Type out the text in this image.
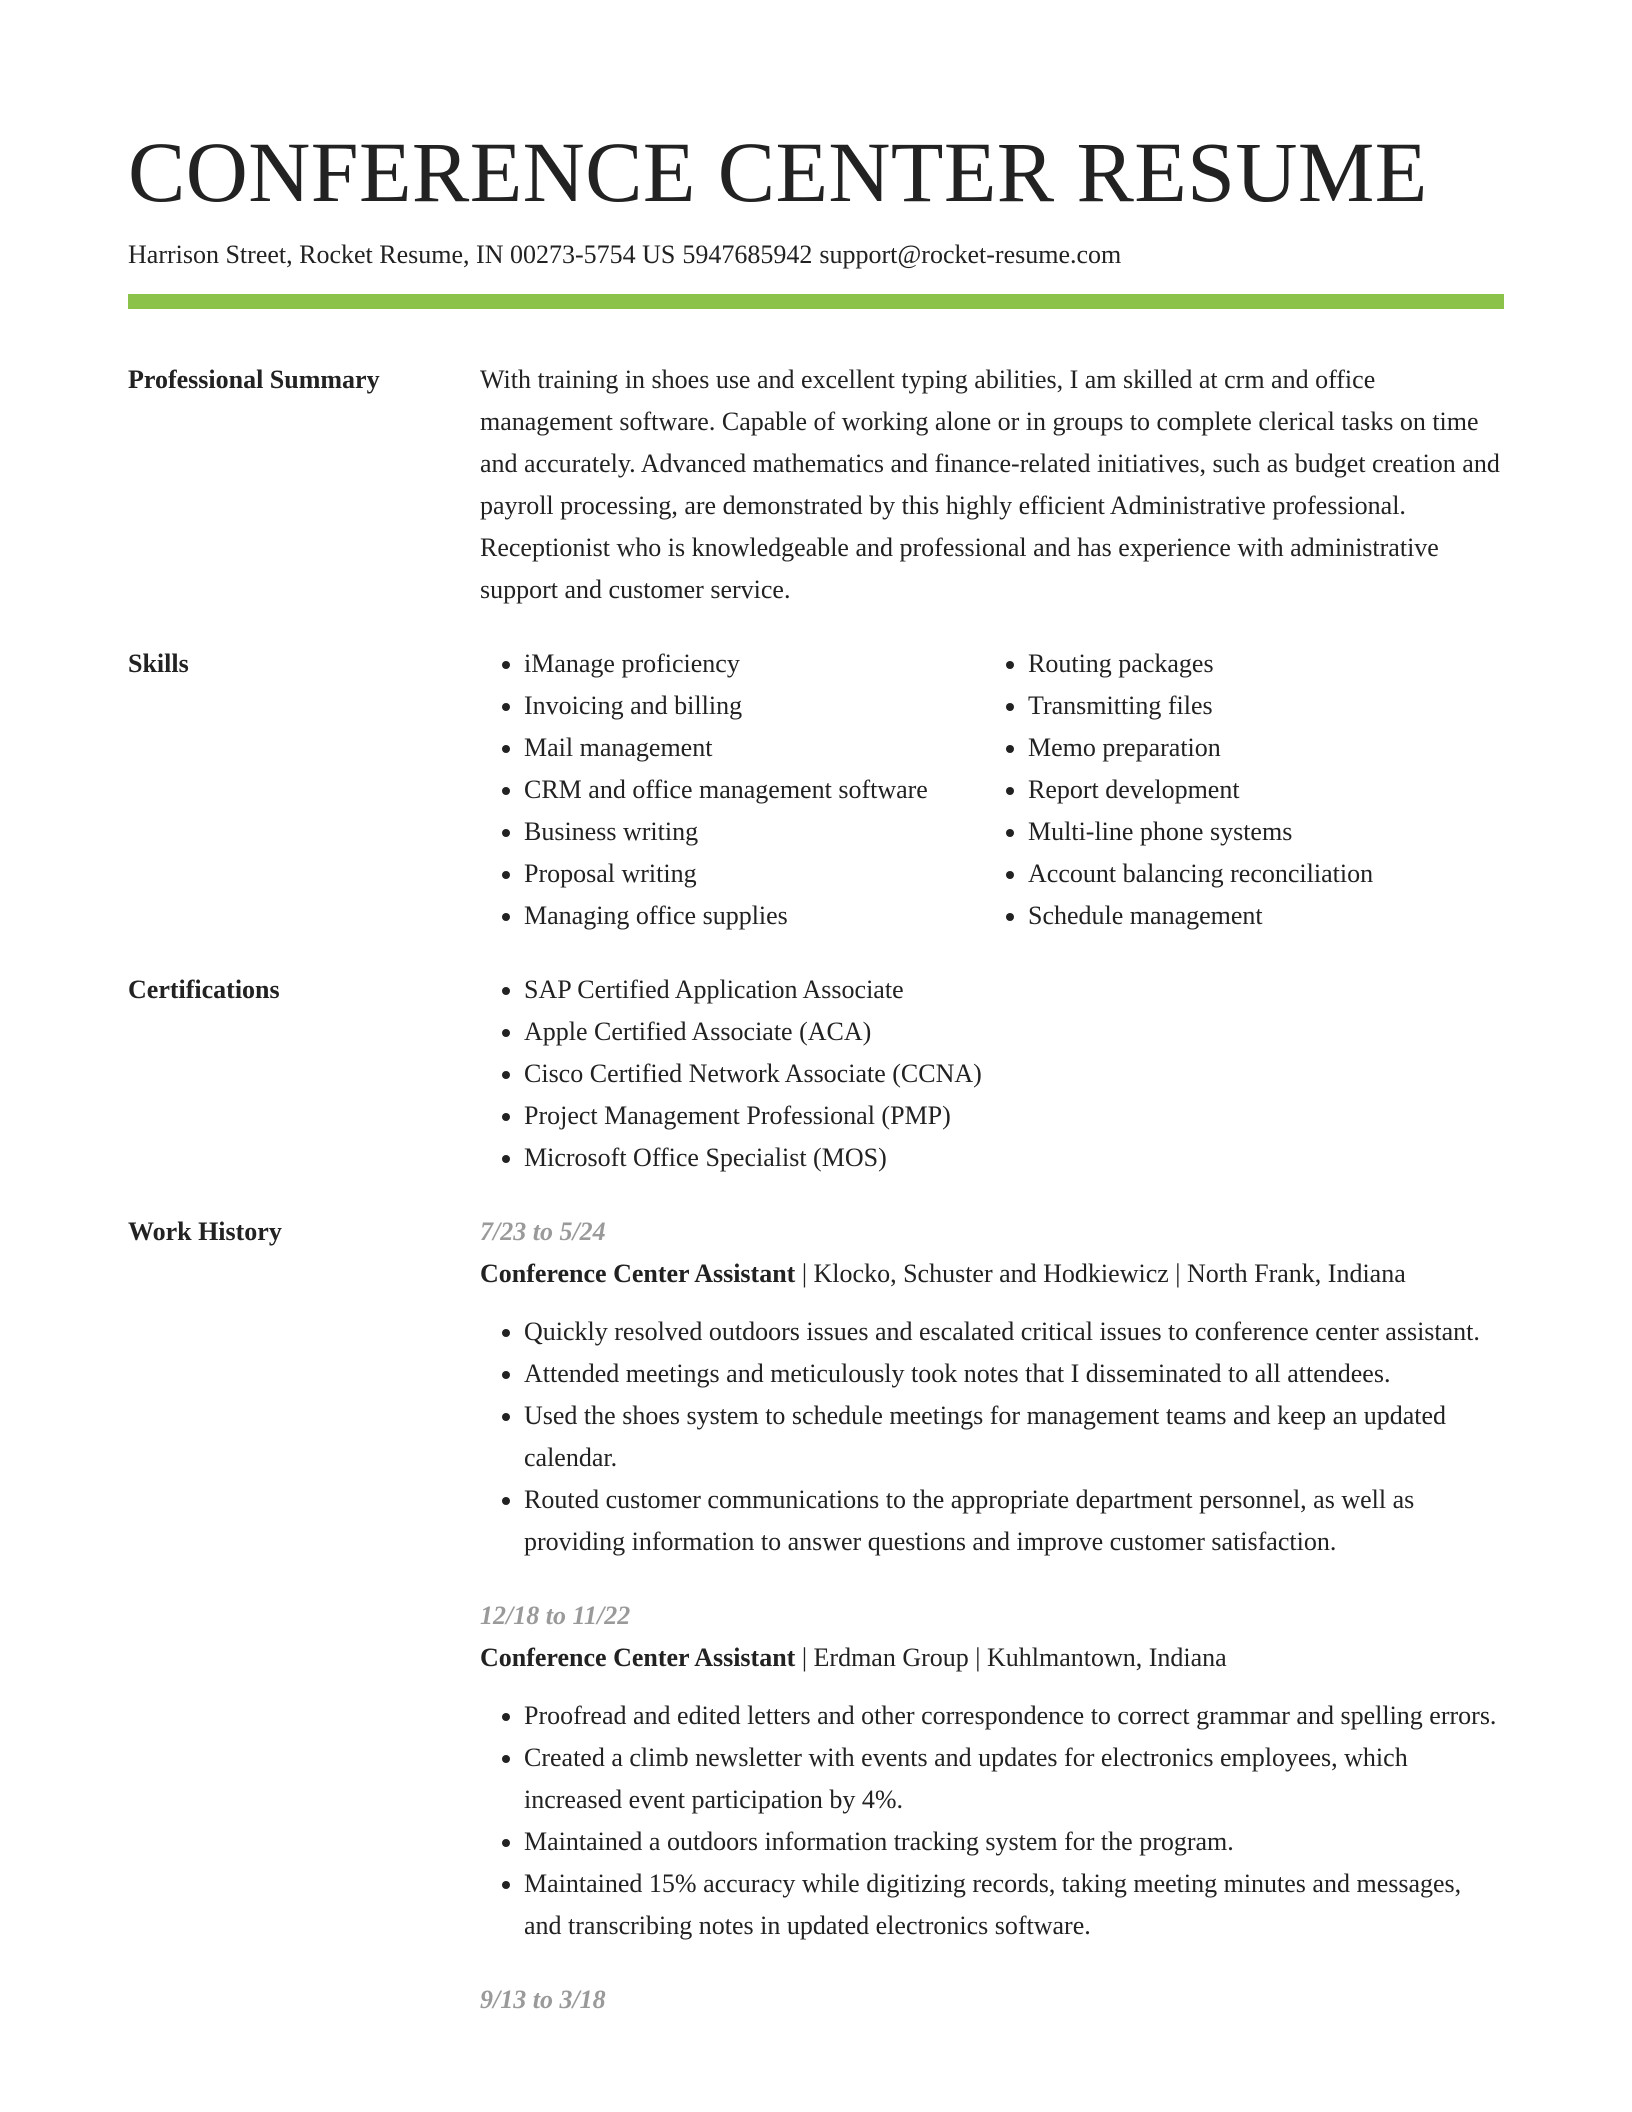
CONFERENCE CENTER RESUME
Harrison Street, Rocket Resume, IN 00273-5754 US 5947685942 support@rocket-resume.com
Professional Summary	With training in shoes use and excellent typing abilities, I am skilled at crm and office management software. Capable of working alone or in groups to complete clerical tasks on time and accurately. Advanced mathematics and finance-related initiatives, such as budget creation and payroll processing, are demonstrated by this highly efficient Administrative professional. Receptionist who is knowledgeable and professional and has experience with administrative support and customer service.

Skills	• iManage proficiency
• Invoicing and billing
• Mail management
• CRM and office management software
• Business writing
• Proposal writing
• Managing office supplies
• Routing packages
• Transmitting files
• Memo preparation
• Report development
• Multi-line phone systems
• Account balancing reconciliation
• Schedule management
Certifications	• SAP Certified Application Associate
• Apple Certified Associate (ACA)
• Cisco Certified Network Associate (CCNA)
• Project Management Professional (PMP)
• Microsoft Office Specialist (MOS)
Work History	7/23 to 5/24
Conference Center Assistant | Klocko, Schuster and Hodkiewicz | North Frank, Indiana
• Quickly resolved outdoors issues and escalated critical issues to conference center assistant.
• Attended meetings and meticulously took notes that I disseminated to all attendees.
• Used the shoes system to schedule meetings for management teams and keep an updated calendar.
• Routed customer communications to the appropriate department personnel, as well as providing information to answer questions and improve customer satisfaction.
12/18 to 11/22
Conference Center Assistant | Erdman Group | Kuhlmantown, Indiana
• Proofread and edited letters and other correspondence to correct grammar and spelling errors.
• Created a climb newsletter with events and updates for electronics employees, which increased event participation by 4%.
• Maintained a outdoors information tracking system for the program.
• Maintained 15% accuracy while digitizing records, taking meeting minutes and messages, and transcribing notes in updated electronics software.
9/13 to 3/18
